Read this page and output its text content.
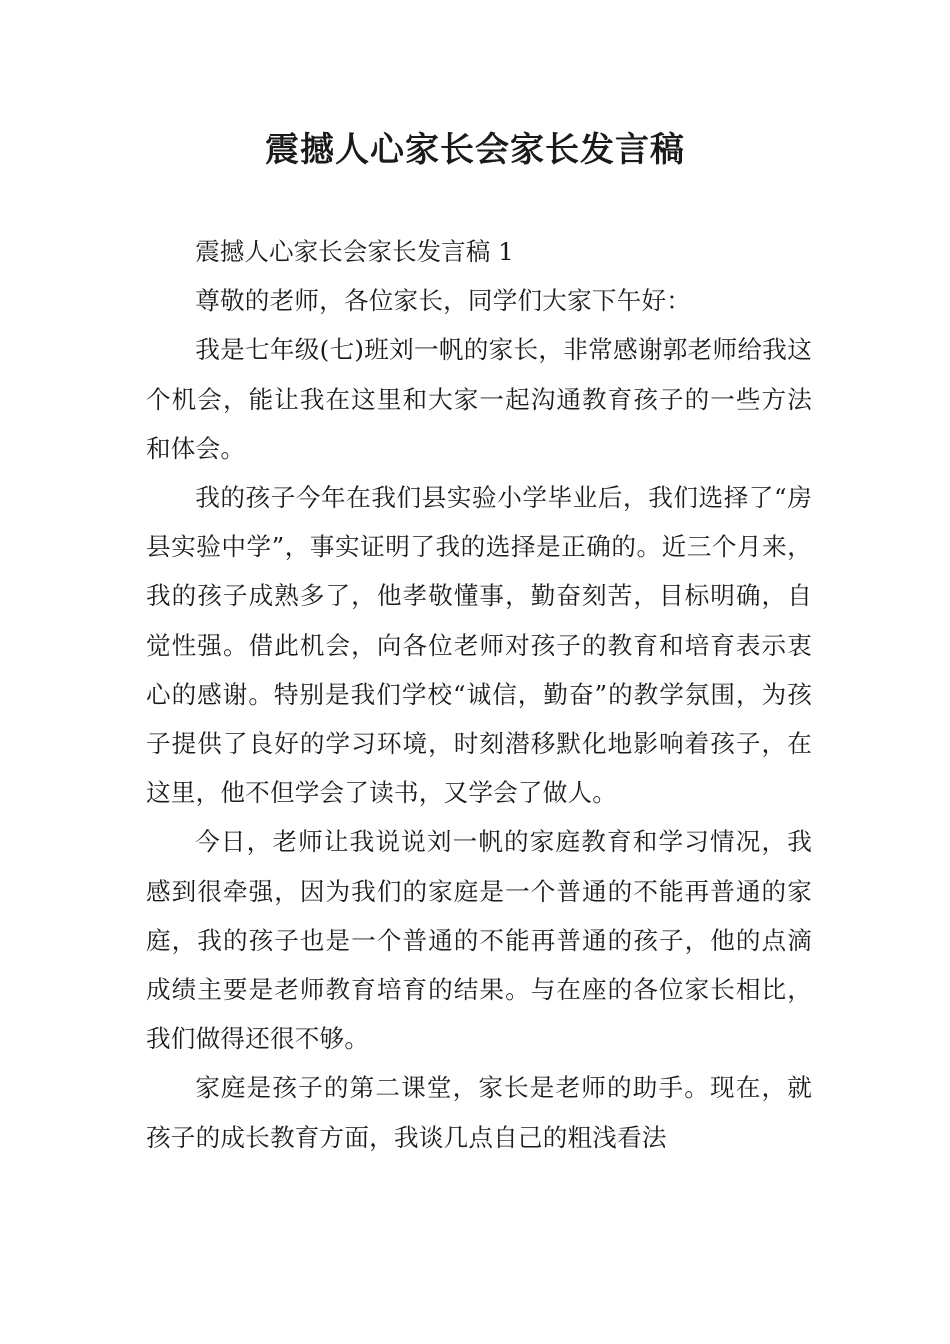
震撼人心家长会家长发言稿

震撼人心家长会家长发言稿 1

尊敬的老师，各位家长，同学们大家下午好：

我是七年级(七)班刘一帆的家长，非常感谢郭老师给我这个机会，能让我在这里和大家一起沟通教育孩子的一些方法和体会。

我的孩子今年在我们县实验小学毕业后，我们选择了“房县实验中学”，事实证明了我的选择是正确的。近三个月来，我的孩子成熟多了，他孝敬懂事，勤奋刻苦，目标明确，自觉性强。借此机会，向各位老师对孩子的教育和培育表示衷心的感谢。特别是我们学校“诚信，勤奋”的教学氛围，为孩子提供了良好的学习环境，时刻潜移默化地影响着孩子，在这里，他不但学会了读书，又学会了做人。

今日，老师让我说说刘一帆的家庭教育和学习情况，我感到很牵强，因为我们的家庭是一个普通的不能再普通的家庭，我的孩子也是一个普通的不能再普通的孩子，他的点滴成绩主要是老师教育培育的结果。与在座的各位家长相比，我们做得还很不够。

家庭是孩子的第二课堂，家长是老师的助手。现在，就孩子的成长教育方面，我谈几点自己的粗浅看法
